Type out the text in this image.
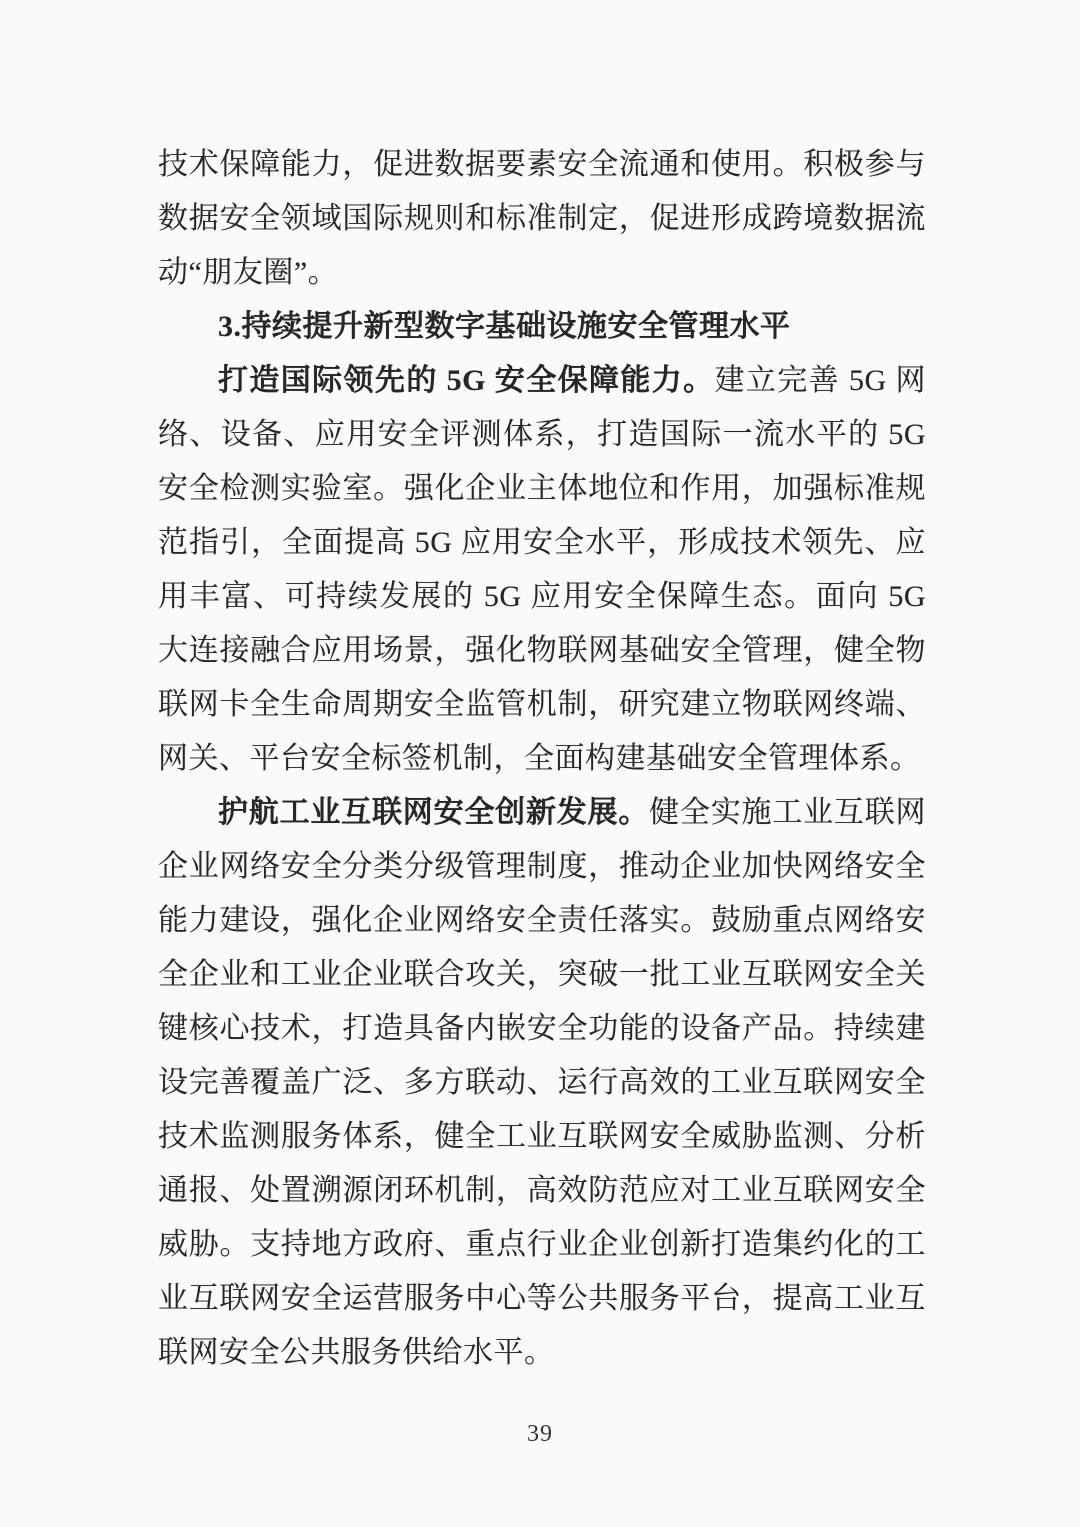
技术保障能力，促进数据要素安全流通和使用。积极参与数据安全领域国际规则和标准制定，促进形成跨境数据流动“朋友圈”。

3.持续提升新型数字基础设施安全管理水平

打造国际领先的 5G 安全保障能力。建立完善 5G 网络、设备、应用安全评测体系，打造国际一流水平的 5G 安全检测实验室。强化企业主体地位和作用，加强标准规范指引，全面提高 5G 应用安全水平，形成技术领先、应用丰富、可持续发展的 5G 应用安全保障生态。面向 5G 大连接融合应用场景，强化物联网基础安全管理，健全物联网卡全生命周期安全监管机制，研究建立物联网终端、网关、平台安全标签机制，全面构建基础安全管理体系。

护航工业互联网安全创新发展。健全实施工业互联网企业网络安全分类分级管理制度，推动企业加快网络安全能力建设，强化企业网络安全责任落实。鼓励重点网络安全企业和工业企业联合攻关，突破一批工业互联网安全关键核心技术，打造具备内嵌安全功能的设备产品。持续建设完善覆盖广泛、多方联动、运行高效的工业互联网安全技术监测服务体系，健全工业互联网安全威胁监测、分析通报、处置溯源闭环机制，高效防范应对工业互联网安全威胁。支持地方政府、重点行业企业创新打造集约化的工业互联网安全运营服务中心等公共服务平台，提高工业互联网安全公共服务供给水平。

39
